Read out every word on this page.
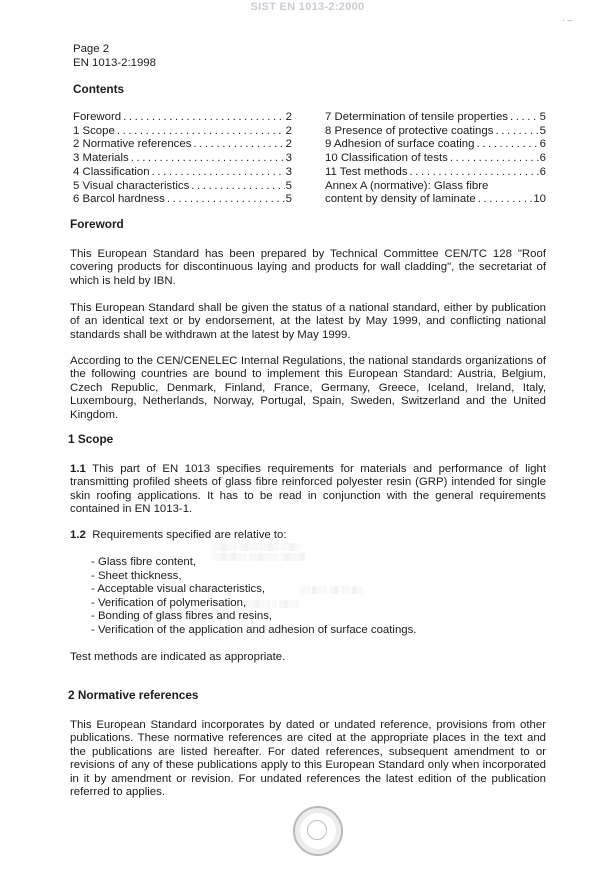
SIST EN 1013-2:2000
· –
Page 2
EN 1013-2:1998
Contents
Foreword .....	2
1 Scope .....	2
2 Normative references .....	2
3 Materials .....	3
4 Classification .....	3
5 Visual characteristics .....	5
6 Barcol hardness .....	5
7 Determination of tensile properties .....	5
8 Presence of protective coatings .....	5
9 Adhesion of surface coating .....	6
10 Classification of tests .....	6
11 Test methods .....	6
Annex A (normative): Glass fibre
content by density of laminate .....	10
Foreword
This European Standard has been prepared by Technical Committee CEN/TC 128 "Roof covering products for discontinuous laying and products for wall cladding", the secretariat of which is held by IBN.
This European Standard shall be given the status of a national standard, either by publication of an identical text or by endorsement, at the latest by May 1999, and conflicting national standards shall be withdrawn at the latest by May 1999.
According to the CEN/CENELEC Internal Regulations, the national standards organizations of the following countries are bound to implement this European Standard: Austria, Belgium, Czech Republic, Denmark, Finland, France, Germany, Greece, Iceland, Ireland, Italy, Luxembourg, Netherlands, Norway, Portugal, Spain, Sweden, Switzerland and the United Kingdom.
1 Scope
1.1 This part of EN 1013 specifies requirements for materials and performance of light transmitting profiled sheets of glass fibre reinforced polyester resin (GRP) intended for single skin roofing applications. It has to be read in conjunction with the general requirements contained in EN 1013-1.
1.2 Requirements specified are relative to:
- Glass fibre content,
- Sheet thickness,
- Acceptable visual characteristics,
- Verification of polymerisation,
- Bonding of glass fibres and resins,
- Verification of the application and adhesion of surface coatings.
░░▒░░ ░▒░░░░▒░ ░░▒░
░░▒░▒░░ ░░▒░░░ ░▒░░▒
░░ ▒░░ ░▒ ░░ ▒░
░░▒░░ ░ ░▒░░
Test methods are indicated as appropriate.
2 Normative references
This European Standard incorporates by dated or undated reference, provisions from other publications. These normative references are cited at the appropriate places in the text and the publications are listed hereafter. For dated references, subsequent amendment to or revisions of any of these publications apply to this European Standard only when incorporated in it by amendment or revision. For undated references the latest edition of the publication referred to applies.
